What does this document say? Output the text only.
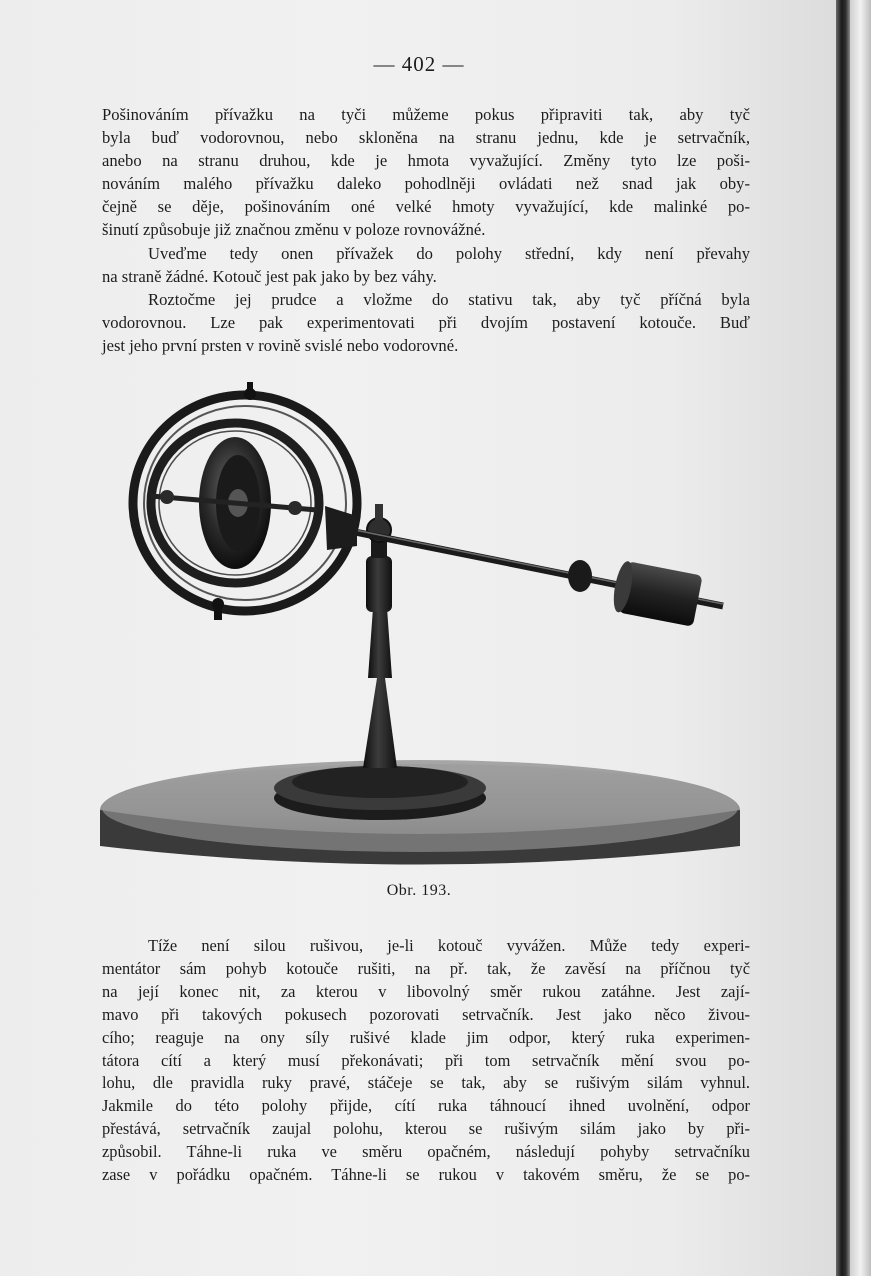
— 402 —

Pošinováním přívažku na tyči můžeme pokus připraviti tak, aby tyč
byla buď vodorovnou, nebo skloněna na stranu jednu, kde je setrvačník,
anebo na stranu druhou, kde je hmota vyvažující. Změny tyto lze poši-
nováním malého přívažku daleko pohodlněji ovládati než snad jak oby-
čejně se děje, pošinováním oné velké hmoty vyvažující, kde malinké po-

šinutí způsobuje již značnou změnu v poloze rovnovážné.

Uveďme tedy onen přívažek do polohy střední, kdy není převahy

na straně žádné. Kotouč jest pak jako by bez váhy.

Roztočme jej prudce a vložme do stativu tak, aby tyč příčná byla

vodorovnou. Lze pak experimentovati při dvojím postavení kotouče. Buď

jest jeho první prsten v rovině svislé nebo vodorovné.

Obr. 193.

Tíže není silou rušivou, je-li kotouč vyvážen. Může tedy experi-

mentátor sám pohyb kotouče rušiti, na př. tak, že zavěsí na příčnou tyč
na její konec nit, za kterou v libovolný směr rukou zatáhne. Jest zají-
mavo při takových pokusech pozorovati setrvačník. Jest jako něco živou-
cího; reaguje na ony síly rušivé klade jim odpor, který ruka experimen-
tátora cítí a který musí překonávati; při tom setrvačník mění svou po-
lohu, dle pravidla ruky pravé, stáčeje se tak, aby se rušivým silám vyhnul.
Jakmile do této polohy přijde, cítí ruka táhnoucí ihned uvolnění, odpor
přestává, setrvačník zaujal polohu, kterou se rušivým silám jako by při-
způsobil. Táhne-li ruka ve směru opačném, následují pohyby setrvačníku

zase v pořádku opačném. Táhne-li se rukou v takovém směru, že se po-
